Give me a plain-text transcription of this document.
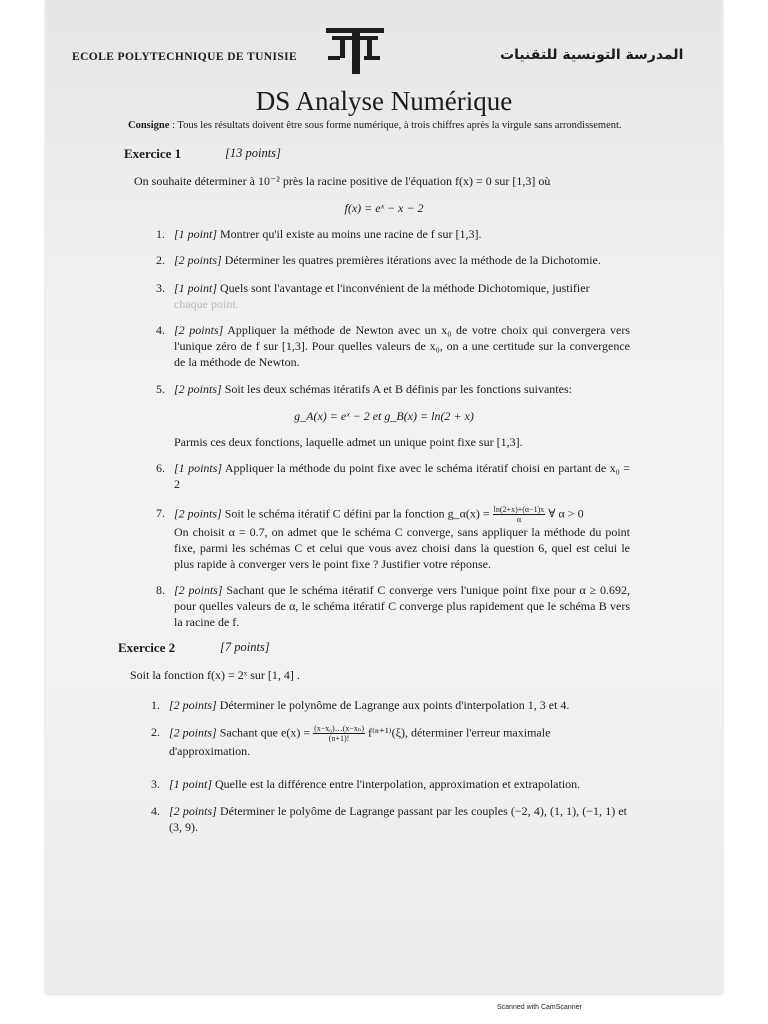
ECOLE POLYTECHNIQUE DE TUNISIE	المدرسة التونسية للتقنيات
DS Analyse Numérique
Consigne : Tous les résultats doivent être sous forme numérique, à trois chiffres après la virgule sans arrondissement.
Exercice 1	[13 points]
On souhaite déterminer à 10⁻² près la racine positive de l'équation f(x) = 0 sur [1,3] où
f(x) = eˣ − x − 2
1. [1 point] Montrer qu'il existe au moins une racine de f sur [1,3].
2. [2 points] Déterminer les quatres premières itérations avec la méthode de la Dichotomie.
3. [1 point] Quels sont l'avantage et l'inconvénient de la méthode Dichotomique, justifier
chaque point.
4. [2 points] Appliquer la méthode de Newton avec un x₀ de votre choix qui convergera vers l'unique zéro de f sur [1,3]. Pour quelles valeurs de x₀, on a une certitude sur la convergence de la méthode de Newton.
5. [2 points] Soit les deux schémas itératifs A et B définis par les fonctions suivantes:
g_A(x) = eˣ − 2 et g_B(x) = ln(2 + x)
Parmis ces deux fonctions, laquelle admet un unique point fixe sur [1,3].
6. [1 points] Appliquer la méthode du point fixe avec le schéma itératif choisi en partant de x₀ = 2
7. [2 points] Soit le schéma itératif C défini par la fonction g_α(x) = $\frac{\ln(2+x)+(\alpha-1)x}{\alpha}$ ∀ α > 0
On choisit α = 0.7, on admet que le schéma C converge, sans appliquer la méthode du point fixe, parmi les schémas C et celui que vous avez choisi dans la question 6, quel est celui le plus rapide à converger vers le point fixe ? Justifier votre réponse.
8. [2 points] Sachant que le schéma itératif C converge vers l'unique point fixe pour α ≥ 0.692, pour quelles valeurs de α, le schéma itératif C converge plus rapidement que le schéma B vers la racine de f.
Exercice 2	[7 points]
Soit la fonction f(x) = 2ˣ sur [1, 4] .
1. [2 points] Déterminer le polynôme de Lagrange aux points d'interpolation 1, 3 et 4.
2. [2 points] Sachant que $e(x) = \frac{\text{(x−x₀)…(x−xₙ)}}{(n+1)!} f^{(n+1)}(\xi)$, déterminer l'erreur maximale
d'approximation.
3. [1 point] Quelle est la différence entre l'interpolation, approximation et extrapolation.
4. [2 points] Déterminer le polyôme de Lagrange passant par les couples (−2, 4), (1, 1), (−1, 1) et (3, 9).
Scanned with CamScanner
